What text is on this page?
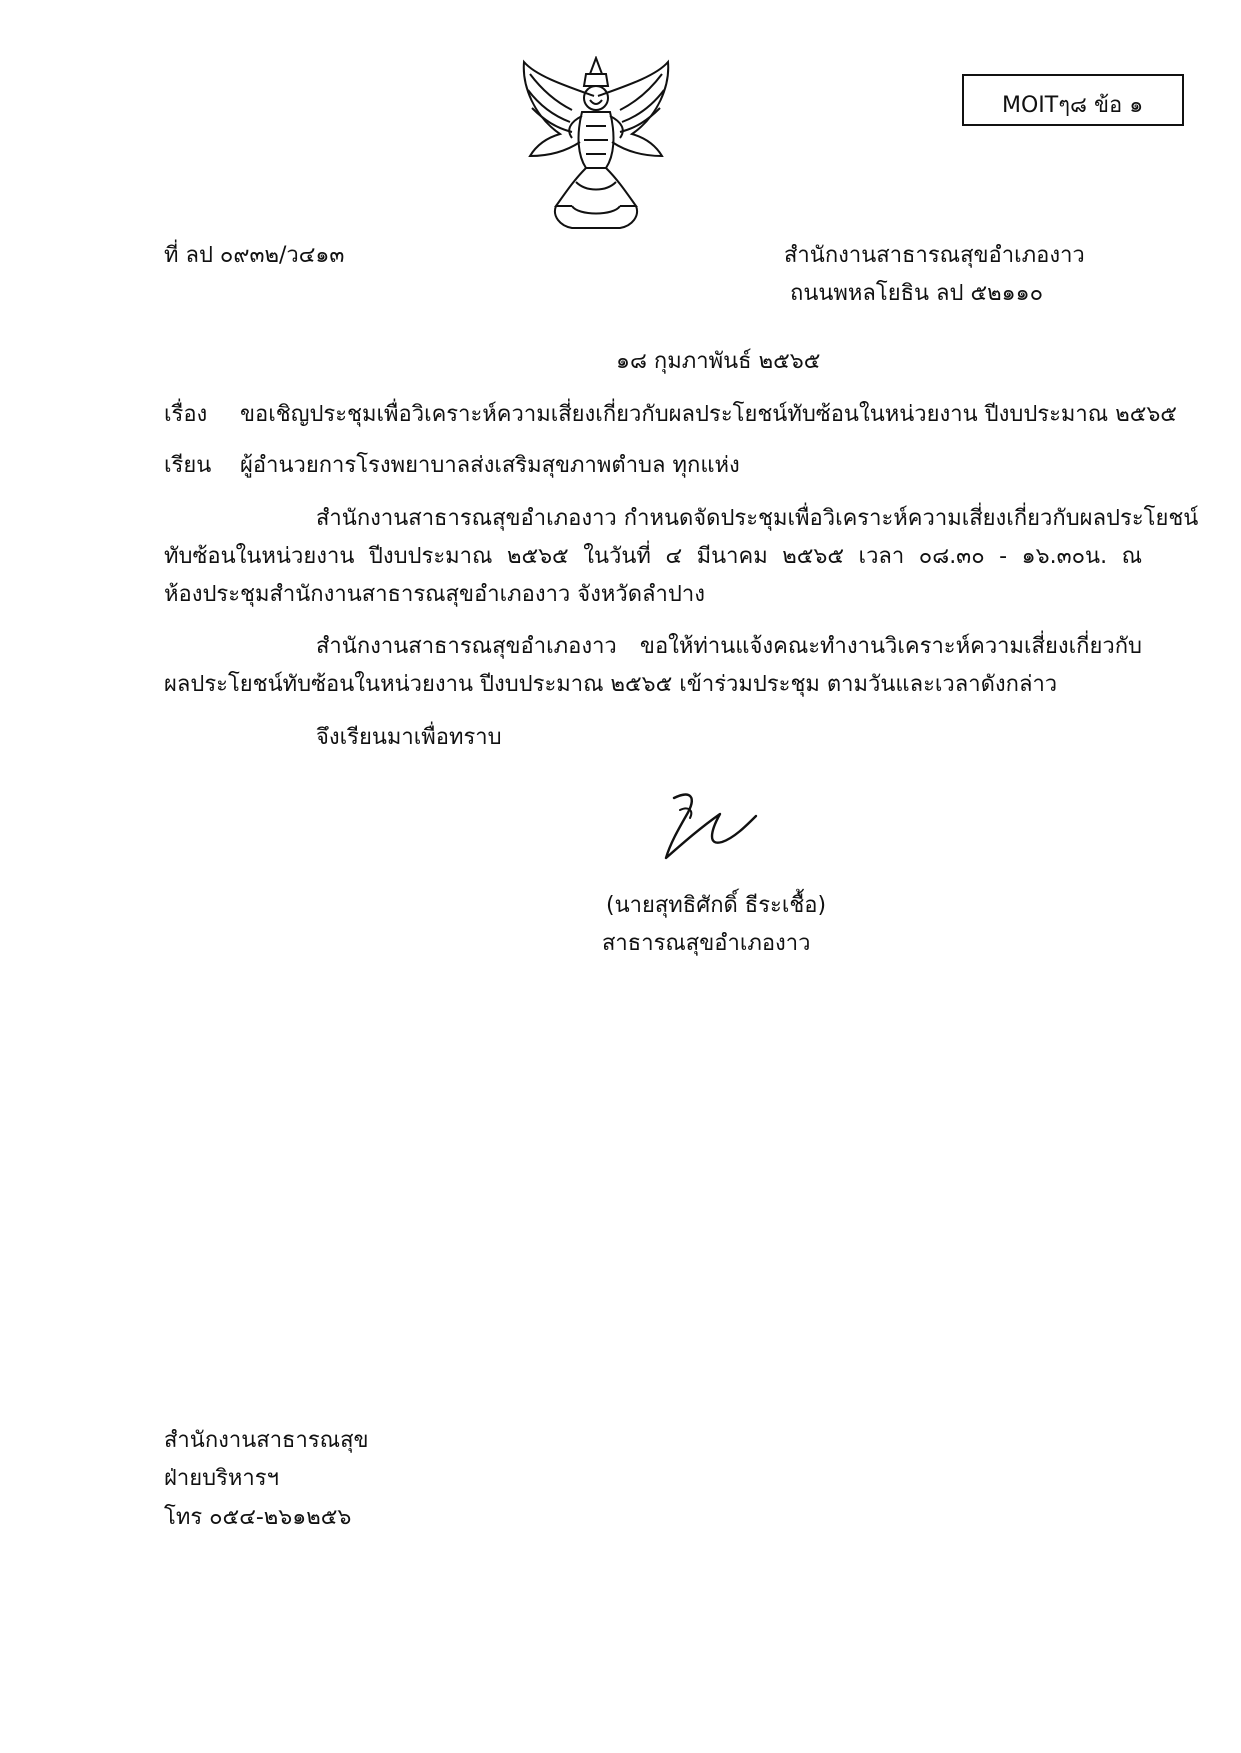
MOITๆ๘ ข้อ ๑
ที่ ลป ๐๙๓๒/ว๔๑๓	สำนักงานสาธารณสุขอำเภองาว
ถนนพหลโยธิน ลป ๕๒๑๑๐
๑๘ กุมภาพันธ์ ๒๕๖๕
เรื่อง ขอเชิญประชุมเพื่อวิเคราะห์ความเสี่ยงเกี่ยวกับผลประโยชน์ทับซ้อนในหน่วยงาน ปีงบประมาณ ๒๕๖๕
เรียน ผู้อำนวยการโรงพยาบาลส่งเสริมสุขภาพตำบล ทุกแห่ง
สำนักงานสาธารณสุขอำเภองาว กำหนดจัดประชุมเพื่อวิเคราะห์ความเสี่ยงเกี่ยวกับผลประโยชน์
ทับซ้อนในหน่วยงาน ปีงบประมาณ ๒๕๖๕ ในวันที่ ๔ มีนาคม ๒๕๖๕ เวลา ๐๘.๓๐ - ๑๖.๓๐น. ณ
ห้องประชุมสำนักงานสาธารณสุขอำเภองาว จังหวัดลำปาง
สำนักงานสาธารณสุขอำเภองาว ขอให้ท่านแจ้งคณะทำงานวิเคราะห์ความเสี่ยงเกี่ยวกับ
ผลประโยชน์ทับซ้อนในหน่วยงาน ปีงบประมาณ ๒๕๖๕ เข้าร่วมประชุม ตามวันและเวลาดังกล่าว
จึงเรียนมาเพื่อทราบ
(นายสุทธิศักดิ์ ธีระเชื้อ)
สาธารณสุขอำเภองาว
สำนักงานสาธารณสุข
ฝ่ายบริหารฯ
โทร ๐๕๔-๒๖๑๒๕๖
